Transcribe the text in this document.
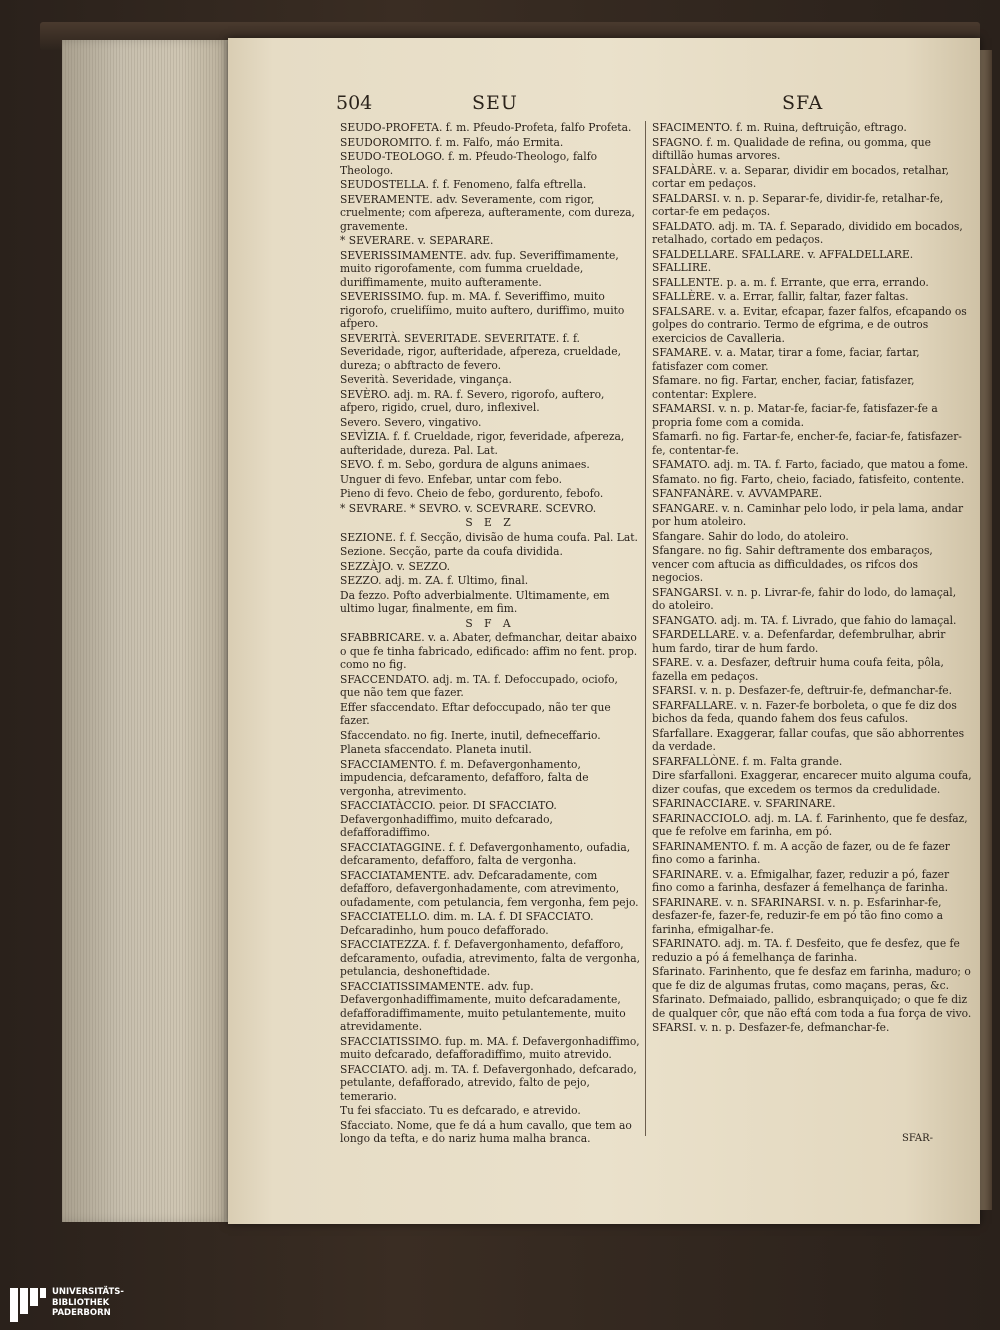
504	SEU	SFA
SEUDO-PROFETA. f. m. Pfeudo-Profeta, falfo Profeta.
SEUDOROMITO. f. m. Falfo, máo Ermita.
SEUDO-TEOLOGO. f. m. Pfeudo-Theologo, falfo Theologo.
SEUDOSTELLA. f. f. Fenomeno, falfa eftrella.
SEVERAMENTE. adv. Severamente, com rigor, cruelmente; com afpereza, aufteramente, com dureza, gravemente.
* SEVERARE. v. SEPARARE.
SEVERISSIMAMENTE. adv. fup. Severiffimamente, muito rigorofamente, com fumma crueldade, duriffimamente, muito aufteramente.
SEVERISSIMO. fup. m. MA. f. Severiffimo, muito rigorofo, cruelifíimo, muito auftero, duriffimo, muito afpero.
SEVERITÀ. SEVERITADE. SEVERITATE. f. f. Severidade, rigor, aufteridade, afpereza, crueldade, dureza; o abftracto de fevero.
Severità. Severidade, vingança.
SEVÈRO. adj. m. RA. f. Severo, rigorofo, auftero, afpero, rigido, cruel, duro, inflexivel.
Severo. Severo, vingativo.
SEVÌZIA. f. f. Crueldade, rigor, feveridade, afpereza, aufteridade, dureza. Pal. Lat.
SEVO. f. m. Sebo, gordura de alguns animaes.
Unguer di fevo. Enfebar, untar com febo.
Pieno di fevo. Cheio de febo, gordurento, febofo.
* SEVRARE. * SEVRO. v. SCEVRARE. SCEVRO.
S E Z
SEZIONE. f. f. Secção, divisão de huma coufa. Pal. Lat.
Sezione. Secção, parte da coufa dividida.
SEZZÀJO. v. SEZZO.
SEZZO. adj. m. ZA. f. Ultimo, final.
Da fezzo. Pofto adverbialmente. Ultimamente, em ultimo lugar, finalmente, em fim.
S F A
SFABBRICARE. v. a. Abater, defmanchar, deitar abaixo o que fe tinha fabricado, edificado: affim no fent. prop. como no fig.
SFACCENDATO. adj. m. TA. f. Defoccupado, ociofo, que não tem que fazer.
Effer sfaccendato. Eftar defoccupado, não ter que fazer.
Sfaccendato. no fig. Inerte, inutil, defneceffario.
Planeta sfaccendato. Planeta inutil.
SFACCIAMENTO. f. m. Defavergonhamento, impudencia, defcaramento, defafforo, falta de vergonha, atrevimento.
SFACCIATÀCCIO. peior. DI SFACCIATO. Defavergonhadiffimo, muito defcarado, defafforadiffimo.
SFACCIATAGGINE. f. f. Defavergonhamento, oufadia, defcaramento, defafforo, falta de vergonha.
SFACCIATAMENTE. adv. Defcaradamente, com defafforo, defavergonhadamente, com atrevimento, oufadamente, com petulancia, fem vergonha, fem pejo.
SFACCIATELLO. dim. m. LA. f. DI SFACCIATO. Defcaradinho, hum pouco defafforado.
SFACCIATEZZA. f. f. Defavergonhamento, defafforo, defcaramento, oufadia, atrevimento, falta de vergonha, petulancia, deshoneftidade.
SFACCIATISSIMAMENTE. adv. fup. Defavergonhadiffimamente, muito defcaradamente, defafforadiffimamente, muito petulantemente, muito atrevidamente.
SFACCIATISSIMO. fup. m. MA. f. Defavergonhadiffimo, muito defcarado, defafforadiffimo, muito atrevido.
SFACCIATO. adj. m. TA. f. Defavergonhado, defcarado, petulante, defafforado, atrevido, falto de pejo, temerario.
Tu fei sfacciato. Tu es defcarado, e atrevido.
Sfacciato. Nome, que fe dá a hum cavallo, que tem ao longo da tefta, e do nariz huma malha branca.
SFACIMENTO. f. m. Ruina, deftruição, eftrago.
SFAGNO. f. m. Qualidade de refina, ou gomma, que diftillão humas arvores.
SFALDÀRE. v. a. Separar, dividir em bocados, retalhar, cortar em pedaços.
SFALDARSI. v. n. p. Separar-fe, dividir-fe, retalhar-fe, cortar-fe em pedaços.
SFALDATO. adj. m. TA. f. Separado, dividido em bocados, retalhado, cortado em pedaços.
SFALDELLARE. SFALLARE. v. AFFALDELLARE. SFALLIRE.
SFALLENTE. p. a. m. f. Errante, que erra, errando.
SFALLÈRE. v. a. Errar, fallir, faltar, fazer faltas.
SFALSARE. v. a. Evitar, efcapar, fazer falfos, efcapando os golpes do contrario. Termo de efgrima, e de outros exercicios de Cavalleria.
SFAMARE. v. a. Matar, tirar a fome, faciar, fartar, fatisfazer com comer.
Sfamare. no fig. Fartar, encher, faciar, fatisfazer, contentar: Explere.
SFAMARSI. v. n. p. Matar-fe, faciar-fe, fatisfazer-fe a propria fome com a comida.
Sfamarfi. no fig. Fartar-fe, encher-fe, faciar-fe, fatisfazer-fe, contentar-fe.
SFAMATO. adj. m. TA. f. Farto, faciado, que matou a fome.
Sfamato. no fig. Farto, cheio, faciado, fatisfeito, contente.
SFANFANÀRE. v. AVVAMPARE.
SFANGARE. v. n. Caminhar pelo lodo, ir pela lama, andar por hum atoleiro.
Sfangare. Sahir do lodo, do atoleiro.
Sfangare. no fig. Sahir deftramente dos embaraços, vencer com aftucia as difficuldades, os rifcos dos negocios.
SFANGARSI. v. n. p. Livrar-fe, fahir do lodo, do lamaçal, do atoleiro.
SFANGATO. adj. m. TA. f. Livrado, que fahio do lamaçal.
SFARDELLARE. v. a. Defenfardar, defembrulhar, abrir hum fardo, tirar de hum fardo.
SFARE. v. a. Desfazer, deftruir huma coufa feita, pôla, fazella em pedaços.
SFARSI. v. n. p. Desfazer-fe, deftruir-fe, defmanchar-fe.
SFARFALLARE. v. n. Fazer-fe borboleta, o que fe diz dos bichos da feda, quando fahem dos feus cafulos.
Sfarfallare. Exaggerar, fallar coufas, que são abhorrentes da verdade.
SFARFALLÒNE. f. m. Falta grande.
Dire sfarfalloni. Exaggerar, encarecer muito alguma coufa, dizer coufas, que excedem os termos da credulidade.
SFARINACCIARE. v. SFARINARE.
SFARINACCIOLO. adj. m. LA. f. Farinhento, que fe desfaz, que fe refolve em farinha, em pó.
SFARINAMENTO. f. m. A acção de fazer, ou de fe fazer fino como a farinha.
SFARINARE. v. a. Efmigalhar, fazer, reduzir a pó, fazer fino como a farinha, desfazer á femelhança de farinha.
SFARINARE. v. n. SFARINARSI. v. n. p. Esfarinhar-fe, desfazer-fe, fazer-fe, reduzir-fe em pó tão fino como a farinha, efmigalhar-fe.
SFARINATO. adj. m. TA. f. Desfeito, que fe desfez, que fe reduzio a pó á femelhança de farinha.
Sfarinato. Farinhento, que fe desfaz em farinha, maduro; o que fe diz de algumas frutas, como maçans, peras, &c.
Sfarinato. Defmaiado, pallido, esbranquiçado; o que fe diz de qualquer côr, que não eftá com toda a fua força de vivo.
SFARSI. v. n. p. Desfazer-fe, defmanchar-fe.
SFAR-
UNIVERSITÄTS-
BIBLIOTHEK
PADERBORN
